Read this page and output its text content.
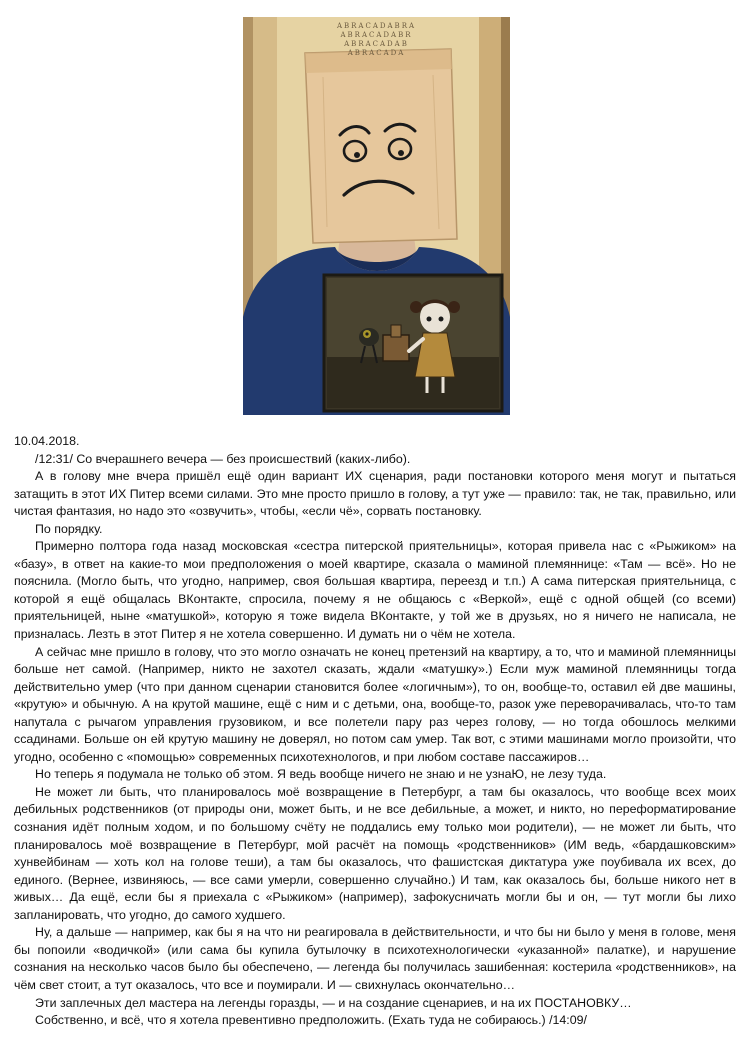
ABRACADABRA
ABRACADABR
ABRACADAB
ABRACADA

10.04.2018.

/12:31/ Со вчерашнего вечера — без происшествий (каких-либо).

А в голову мне вчера пришёл ещё один вариант ИХ сценария, ради постановки которого меня могут и пытаться затащить в этот ИХ Питер всеми силами. Это мне просто пришло в голову, а тут уже — правило: так, не так, правильно, или чистая фантазия, но надо это «озвучить», чтобы, «если чё», сорвать постановку.

По порядку.

Примерно полтора года назад московская «сестра питерской приятельницы», которая привела нас с «Рыжиком» на «базу», в ответ на какие-то мои предположения о моей квартире, сказала о маминой племяннице: «Там — всё». Но не пояснила. (Могло быть, что угодно, например, своя большая квартира, переезд и т.п.) А сама питерская приятельница, с которой я ещё общалась ВКонтакте, спросила, почему я не общаюсь с «Веркой», ещё с одной общей (со всеми) приятельницей, ныне «матушкой», которую я тоже видела ВКонтакте, у той же в друзьях, но я ничего не написала, не призналась. Лезть в этот Питер я не хотела совершенно. И думать ни о чём не хотела.

А сейчас мне пришло в голову, что это могло означать не конец претензий на квартиру, а то, что и маминой племянницы больше нет самой. (Например, никто не захотел сказать, ждали «матушку».) Если муж маминой племянницы тогда действительно умер (что при данном сценарии становится более «логичным»), то он, вообще-то, оставил ей две машины, «крутую» и обычную. А на крутой машине, ещё с ним и с детьми, она, вообще-то, разок уже переворачивалась, что-то там напутала с рычагом управления грузовиком, и все полетели пару раз через голову, — но тогда обошлось мелкими ссадинами. Больше он ей крутую машину не доверял, но потом сам умер. Так вот, с этими машинами могло произойти, что угодно, особенно с «помощью» современных психотехнологов, и при любом составе пассажиров…

Но теперь я подумала не только об этом. Я ведь вообще ничего не знаю и не узнаЮ, не лезу туда.

Не может ли быть, что планировалось моё возвращение в Петербург, а там бы оказалось, что вообще всех моих дебильных родственников (от природы они, может быть, и не все дебильные, а может, и никто, но переформатирование сознания идёт полным ходом, и по большому счёту не поддались ему только мои родители), — не может ли быть, что планировалось моё возвращение в Петербург, мой расчёт на помощь «родственников» (ИМ ведь, «бардашковским» хунвейбинам — хоть кол на голове теши), а там бы оказалось, что фашистская диктатура уже поубивала их всех, до единого. (Вернее, извиняюсь, — все сами умерли, совершенно случайно.) И там, как оказалось бы, больше никого нет в живых… Да ещё, если бы я приехала с «Рыжиком» (например), зафокусничать могли бы и он, — тут могли бы лихо запланировать, что угодно, до самого худшего.

Ну, а дальше — например, как бы я на что ни реагировала в действительности, и что бы ни было у меня в голове, меня бы попоили «водичкой» (или сама бы купила бутылочку в психотехнологически «указанной» палатке), и нарушение сознания на несколько часов было бы обеспечено, — легенда бы получилась зашибенная: костерила «родственников», на чём свет стоит, а тут оказалось, что все и поумирали. И — свихнулась окончательно…

Эти заплечных дел мастера на легенды горазды, — и на создание сценариев, и на их ПОСТАНОВКУ…

Собственно, и всё, что я хотела превентивно предположить. (Ехать туда не собираюсь.) /14:09/
